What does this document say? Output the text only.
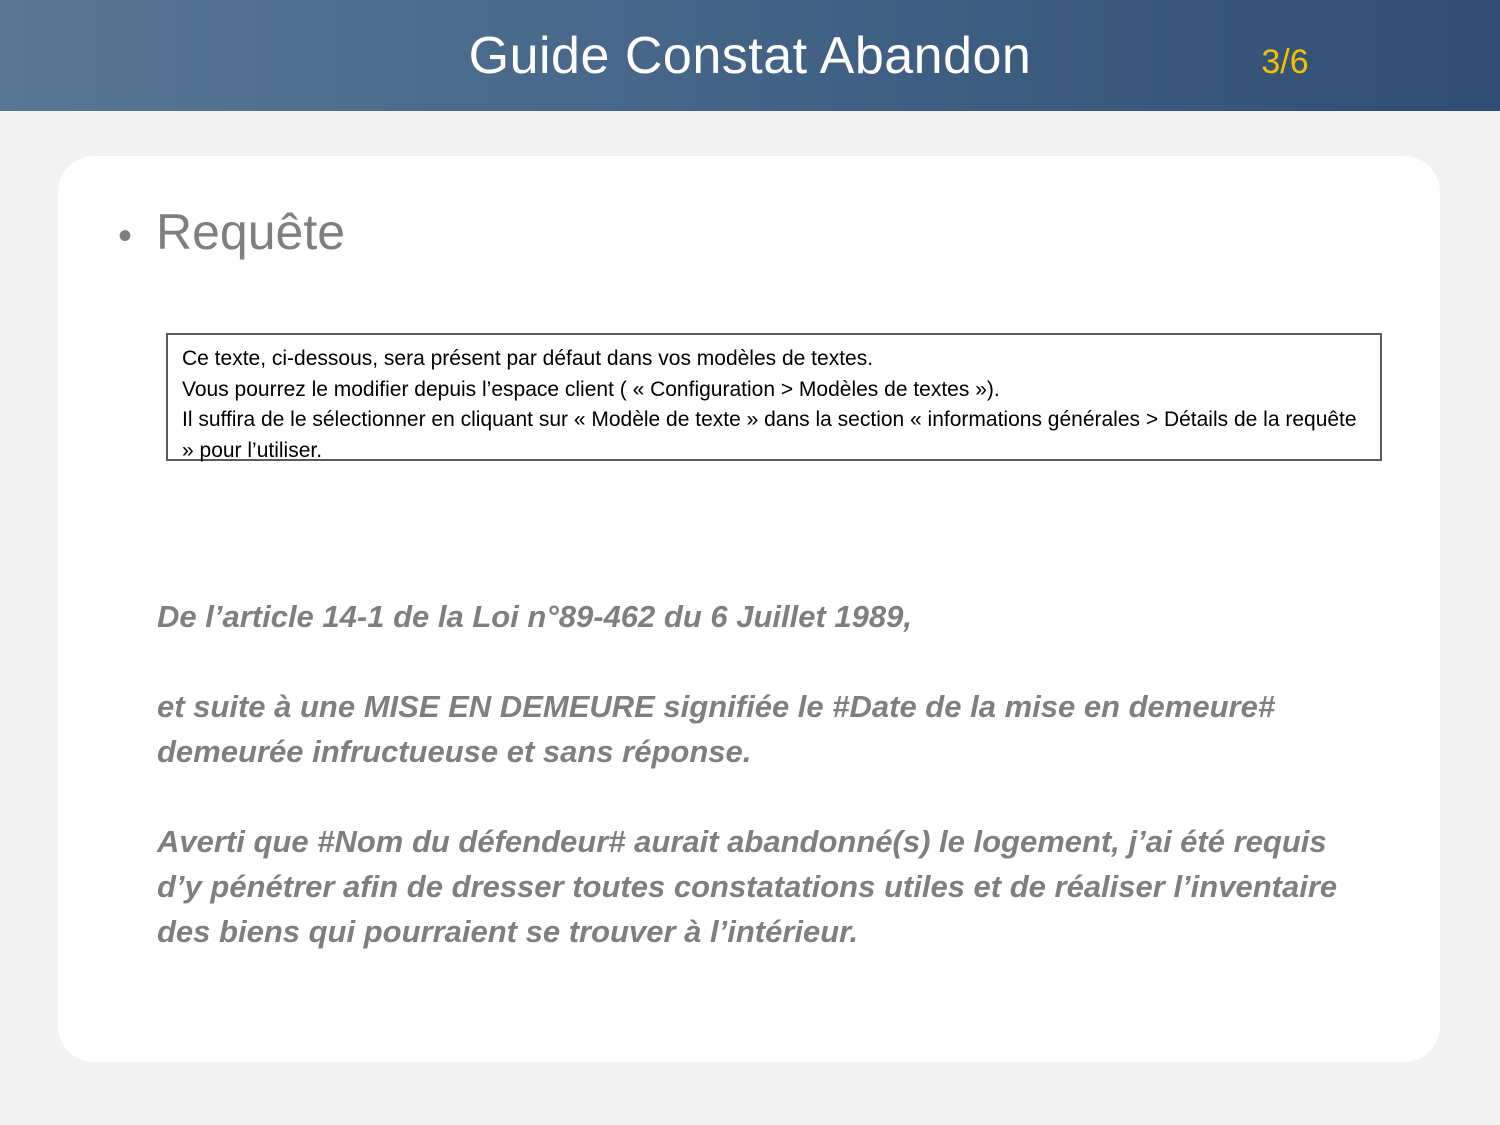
Guide Constat Abandon	3/6
• Requête

Ce texte, ci-dessous, sera présent par défaut dans vos modèles de textes.

Vous pourrez le modifier depuis l’espace client ( « Configuration > Modèles de textes »).

Il suffira de le sélectionner en cliquant sur « Modèle de texte » dans la section « informations générales > Détails de la requête » pour l’utiliser.

De l’article 14-1 de la Loi n°89-462 du 6 Juillet 1989,

et suite à une MISE EN DEMEURE signifiée le #Date de la mise en demeure# demeurée infructueuse et sans réponse.

Averti que #Nom du défendeur# aurait abandonné(s) le logement, j’ai été requis d’y pénétrer afin de dresser toutes constatations utiles et de réaliser l’inventaire des biens qui pourraient se trouver à l’intérieur.
